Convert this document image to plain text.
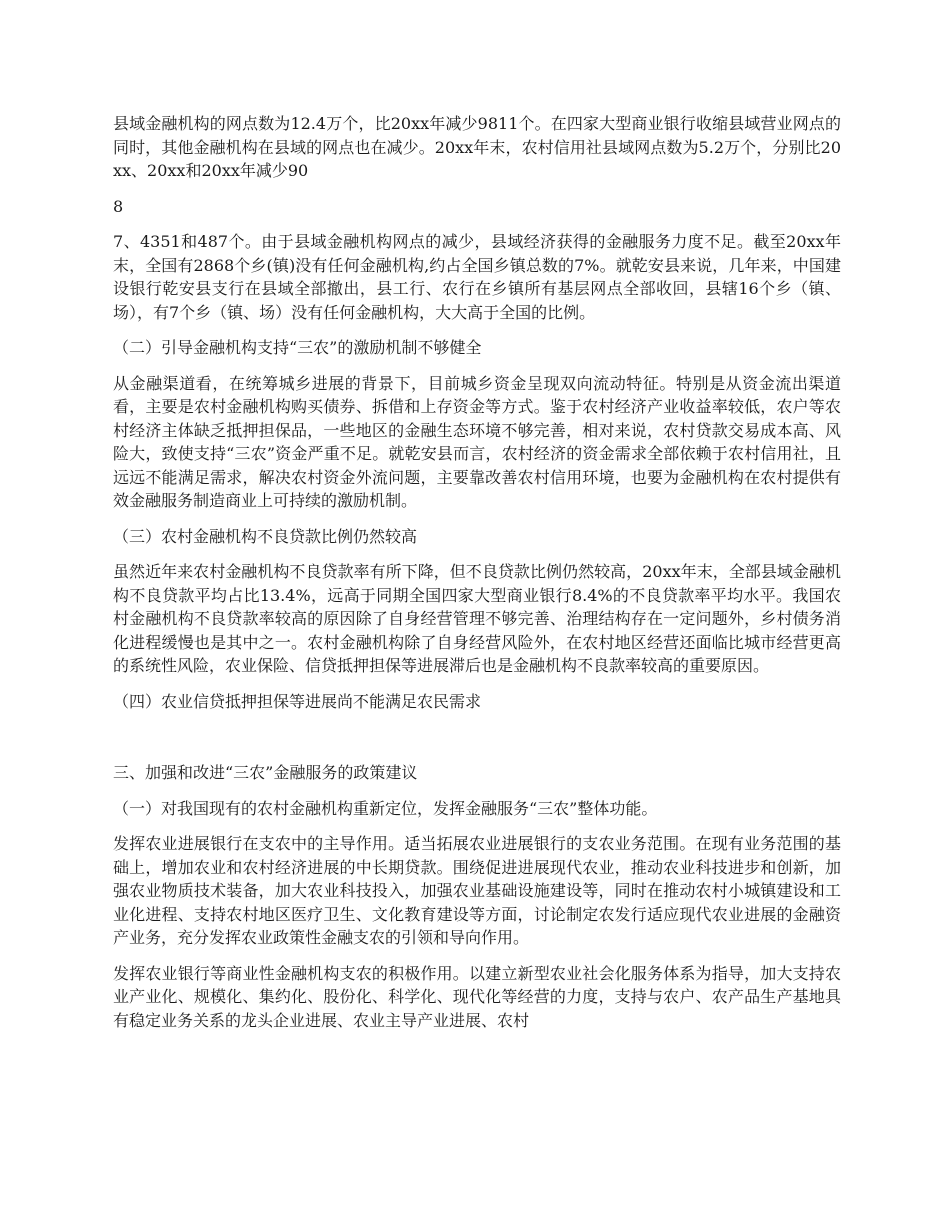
县域金融机构的网点数为12.4万个，比20xx年减少9811个。在四家大型商业银行收缩县域营业网点的同时，其他金融机构在县域的网点也在减少。20xx年末，农村信用社县域网点数为5.2万个，分别比20xx、20xx和20xx年减少90

8

7、4351和487个。由于县域金融机构网点的减少，县域经济获得的金融服务力度不足。截至20xx年末，全国有2868个乡(镇)没有任何金融机构,约占全国乡镇总数的7%。就乾安县来说，几年来，中国建设银行乾安县支行在县域全部撤出，县工行、农行在乡镇所有基层网点全部收回，县辖16个乡（镇、场），有7个乡（镇、场）没有任何金融机构，大大高于全国的比例。

（二）引导金融机构支持“三农”的激励机制不够健全

从金融渠道看，在统筹城乡进展的背景下，目前城乡资金呈现双向流动特征。特别是从资金流出渠道看，主要是农村金融机构购买债券、拆借和上存资金等方式。鉴于农村经济产业收益率较低，农户等农村经济主体缺乏抵押担保品，一些地区的金融生态环境不够完善，相对来说，农村贷款交易成本高、风险大，致使支持“三农”资金严重不足。就乾安县而言，农村经济的资金需求全部依赖于农村信用社，且远远不能满足需求，解决农村资金外流问题，主要靠改善农村信用环境，也要为金融机构在农村提供有效金融服务制造商业上可持续的激励机制。

（三）农村金融机构不良贷款比例仍然较高

虽然近年来农村金融机构不良贷款率有所下降，但不良贷款比例仍然较高，20xx年末，全部县域金融机构不良贷款平均占比13.4%，远高于同期全国四家大型商业银行8.4%的不良贷款率平均水平。我国农村金融机构不良贷款率较高的原因除了自身经营管理不够完善、治理结构存在一定问题外，乡村债务消化进程缓慢也是其中之一。农村金融机构除了自身经营风险外，在农村地区经营还面临比城市经营更高的系统性风险，农业保险、信贷抵押担保等进展滞后也是金融机构不良款率较高的重要原因。

（四）农业信贷抵押担保等进展尚不能满足农民需求

三、加强和改进“三农”金融服务的政策建议

（一）对我国现有的农村金融机构重新定位，发挥金融服务“三农”整体功能。

发挥农业进展银行在支农中的主导作用。适当拓展农业进展银行的支农业务范围。在现有业务范围的基础上，增加农业和农村经济进展的中长期贷款。围绕促进进展现代农业，推动农业科技进步和创新，加强农业物质技术装备，加大农业科技投入，加强农业基础设施建设等，同时在推动农村小城镇建设和工业化进程、支持农村地区医疗卫生、文化教育建设等方面，讨论制定农发行适应现代农业进展的金融资产业务，充分发挥农业政策性金融支农的引领和导向作用。

发挥农业银行等商业性金融机构支农的积极作用。以建立新型农业社会化服务体系为指导，加大支持农业产业化、规模化、集约化、股份化、科学化、现代化等经营的力度，支持与农户、农产品生产基地具有稳定业务关系的龙头企业进展、农业主导产业进展、农村
